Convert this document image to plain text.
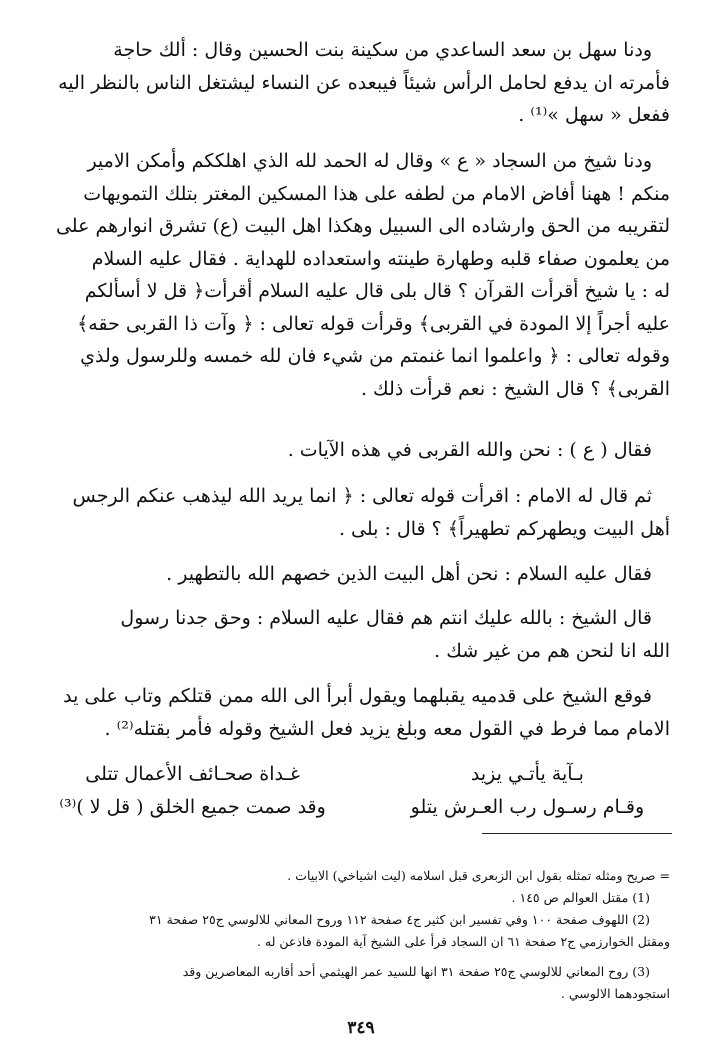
ودنا سهل بن سعد الساعدي من سكينة بنت الحسين وقال : ألك حاجة
فأمرته ان يدفع لحامل الرأس شيئاً فيبعده عن النساء ليشتغل الناس بالنظر اليه
ففعل « سهل »⁽¹⁾ .
ودنا شيخ من السجاد « ع » وقال له الحمد لله الذي اهلككم وأمكن الامير
منكم ! ههنا أفاض الامام من لطفه على هذا المسكين المغتر بتلك التمويهات
لتقريبه من الحق وارشاده الى السبيل وهكذا اهل البيت (ع) تشرق انوارهم على
من يعلمون صفاء قلبه وطهارة طينته واستعداده للهداية . فقال عليه السلام
له : يا شيخ أقرأت القرآن ؟ قال بلى قال عليه السلام أقرأت﴿ قل لا أسألكم
عليه أجراً إلا المودة في القربى﴾ وقرأت قوله تعالى : ﴿ وآت ذا القربى حقه﴾
وقوله تعالى : ﴿ واعلموا انما غنمتم من شيء فان لله خمسه وللرسول ولذي
القربى﴾ ؟ قال الشيخ : نعم قرأت ذلك .
فقال ( ع ) : نحن والله القربى في هذه الآيات .
ثم قال له الامام : اقرأت قوله تعالى : ﴿ انما يريد الله ليذهب عنكم الرجس
أهل البيت ويطهركم تطهيراً﴾ ؟ قال : بلى .
فقال عليه السلام : نحن أهل البيت الذين خصهم الله بالتطهير .
قال الشيخ : بالله عليك انتم هم فقال عليه السلام : وحق جدنا رسول
الله انا لنحن هم من غير شك .
فوقع الشيخ على قدميه يقبلهما ويقول أبرأ الى الله ممن قتلكم وتاب على يد
الامام مما فرط في القول معه وبلغ يزيد فعل الشيخ وقوله فأمر بقتله⁽²⁾ .
بـآية يأتـي يزيد
غـداة صحـائف الأعمال تتلى
وقـام رسـول رب العـرش يتلو
وقد صمت جميع الخلق ( قل لا )⁽³⁾
= صريح ومثله تمثله بقول ابن الزبعرى قبل اسلامه (ليت اشياخي) الابيات .
(1) مقتل العوالم ص ١٤٥ .
(2) اللهوف صفحة ١٠٠ وفي تفسير ابن كثير ج٤ صفحة ١١٢ وروح المعاني للالوسي ج٢٥ صفحة ٣١
ومقتل الخوارزمي ج٢ صفحة ٦١ ان السجاد قرأ على الشيخ آية المودة فاذعن له .
(3) روح المعاني للالوسي ج٢٥ صفحة ٣١ انها للسيد عمر الهيثمي أحد أقاربه المعاصرين وقد
استجودهما الالوسي .
٣٤٩
